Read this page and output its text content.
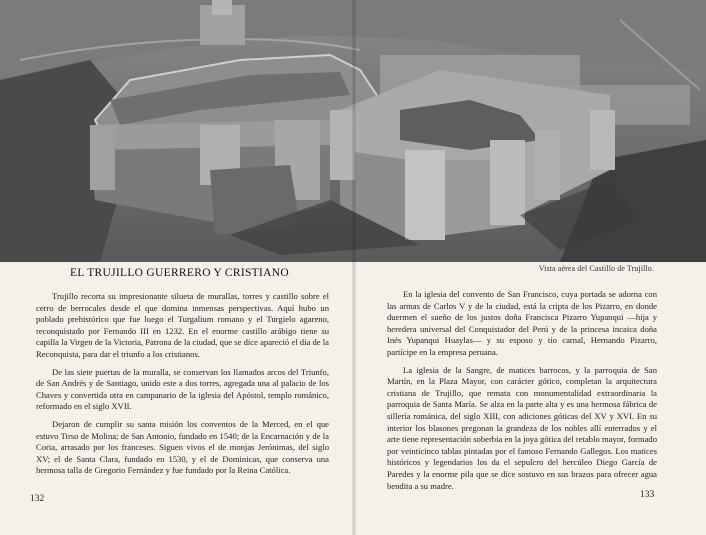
Vista aérea del Castillo de Trujillo.
EL TRUJILLO GUERRERO Y CRISTIANO

Trujillo recorta su impresionante silueta de murallas, torres y castillo sobre el cerro de berrocales desde el que domina inmensas perspectivas. Aquí hubo un poblado prehistórico que fue luego el Turgalium romano y el Turgielo agareno, reconquistado por Fernando III en 1232. En el enorme castillo arábigo tiene su capilla la Virgen de la Victoria, Patrona de la ciudad, que se dice apareció el día de la Reconquista, para dar el triunfo a los cristianos.

De las siete puertas de la muralla, se conservan los llamados arcos del Triunfo, de San Andrés y de Santiago, unido este a dos torres, agregada una al palacio de los Chaves y convertida otra en campanario de la iglesia del Apóstol, templo románico, reformado en el siglo XVII.

Dejaron de cumplir su santa misión los conventos de la Merced, en el que estuvo Tirso de Molina; de San Antonio, fundado en 1540; de la Encarnación y de la Coria, arrasado por los franceses. Siguen vivos el de monjas Jerónimas, del siglo XV; el de Santa Clara, fundado en 1530, y el de Dominicas, que conserva una hermosa talla de Gregorio Fernández y fue fundado por la Reina Católica.

En la iglesia del convento de San Francisco, cuya portada se adorna con las armas de Carlos V y de la ciudad, está la cripta de los Pizarro, en donde duermen el sueño de los justos doña Francisca Pizarro Yupanqui —hija y heredera universal del Conquistador del Perú y de la princesa incaica doña Inés Yupanqui Huaylas— y su esposo y tío carnal, Hernando Pizarro, partícipe en la empresa peruana.

La iglesia de la Sangre, de matices barrocos, y la parroquia de San Martín, en la Plaza Mayor, con carácter gótico, completan la arquitectura cristiana de Trujillo, que remata con monumentalidad extraordinaria la parroquia de Santa María. Se alza en la parte alta y es una hermosa fábrica de sillería románica, del siglo XIII, con adiciones góticas del XV y XVI. En su interior los blasones pregonan la grandeza de los nobles allí enterrados y el arte tiene representación soberbia en la joya gótica del retablo mayor, formado por veinticinco tablas pintadas por el famoso Fernando Gallegos. Los matices históricos y legendarios los da el sepulcro del hercúleo Diego García de Paredes y la enorme pila que se dice sostuvo en sus brazos para ofrecer agua bendita a su madre.

132	133
